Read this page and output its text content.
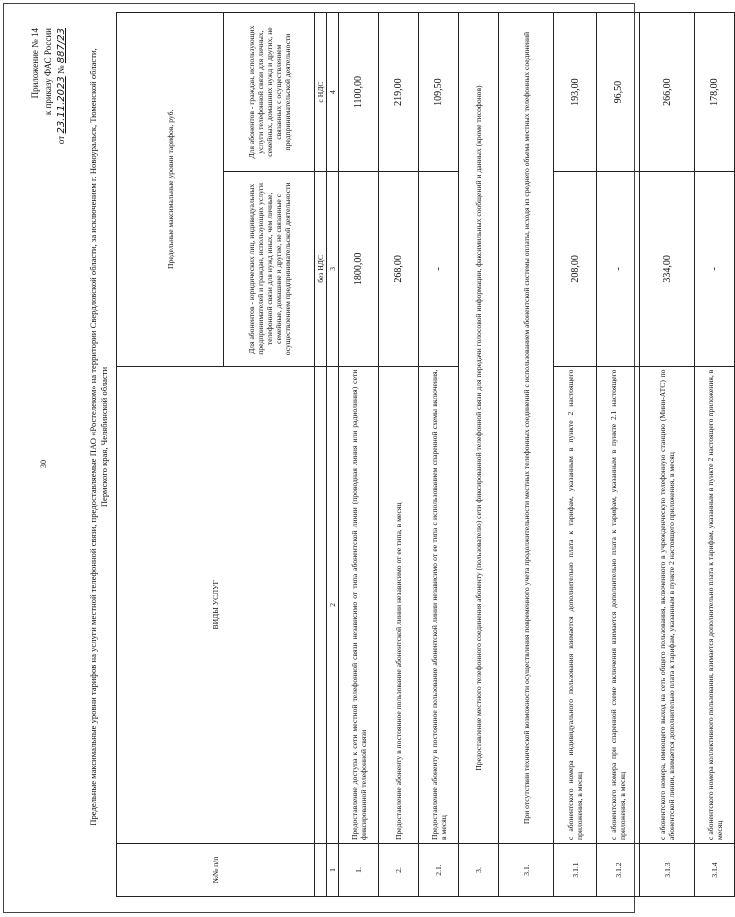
30
Приложение № 14 к приказу ФАС России
от 23.11.2023 № 887/23
Предельные максимальные уровни тарифов на услуги местной телефонной связи, предоставляемые ПАО «Ростелеком» на территории Свердловской области, за исключением г. Новоуральск, Тюменской области, Пермского края, Челябинской области
№№ п/п	ВИДЫ УСЛУГ	Предельные максимальные уровни тарифов, руб.	
		Для абонентов - юридических лиц, индивидуальных предпринимателей и граждан, использующих услуги телефонной связи для нужд иных, чем личные, семейные, домашние и другие, не связанные с осуществлением предпринимательской деятельности	Для абонентов - граждан, использующих услуги телефонной связи для личных, семейных, домашних нужд и других, не связанных с осуществлением предпринимательской деятельности
		без НДС	с НДС
1	2	3	4
1.	Предоставление доступа к сети местной телефонной связи независимо от типа абонентской линии (проводная линия или радиолиния) сети фиксированной телефонной связи	1800,00	1100,00
2.	Предоставление абоненту в постоянное пользование абонентской линии независимо от ее типа, в месяц	268,00	219,00
2.1.	Предоставление абоненту в постоянное пользование абонентской линии независимо от ее типа с использованием спаренной схемы включения, в месяц	-	109,50
3.	Предоставление местного телефонного соединения абоненту (пользователю) сети фиксированной телефонной связи для передачи голосовой информации, факсимильных сообщений и данных (кроме тисофонов)		
3.1.	При отсутствии технической возможности осуществления повременного учета продолжительности местных телефонных соединений с использованием абонентской системы оплаты, исходя из среднего объема местных телефонных соединений		
3.1.1	с абонентского номера индивидуального пользования взимается дополнительно плата к тарифам, указанным в пункте 2 настоящего приложения, в месяц	208,00	193,00
3.1.2	с абонентского номера при спаренной схеме включения взимается дополнительно плата к тарифам, указанным в пункте 2.1 настоящего приложения, в месяц	-	96,50
3.1.3	с абонентского номера, имеющего выход на сеть общего пользования, включенного в учрежденческую телефонную станцию (Мини-АТС) по абонентской линии, взимается дополнительно плата к тарифам, указанным в пункте 2 настоящего приложения, в месяц	334,00	266,00
3.1.4	с абонентского номера коллективного пользования, взимается дополнительно плата к тарифам, указанным в пункте 2 настоящего приложения, в месяц	-	178,00
